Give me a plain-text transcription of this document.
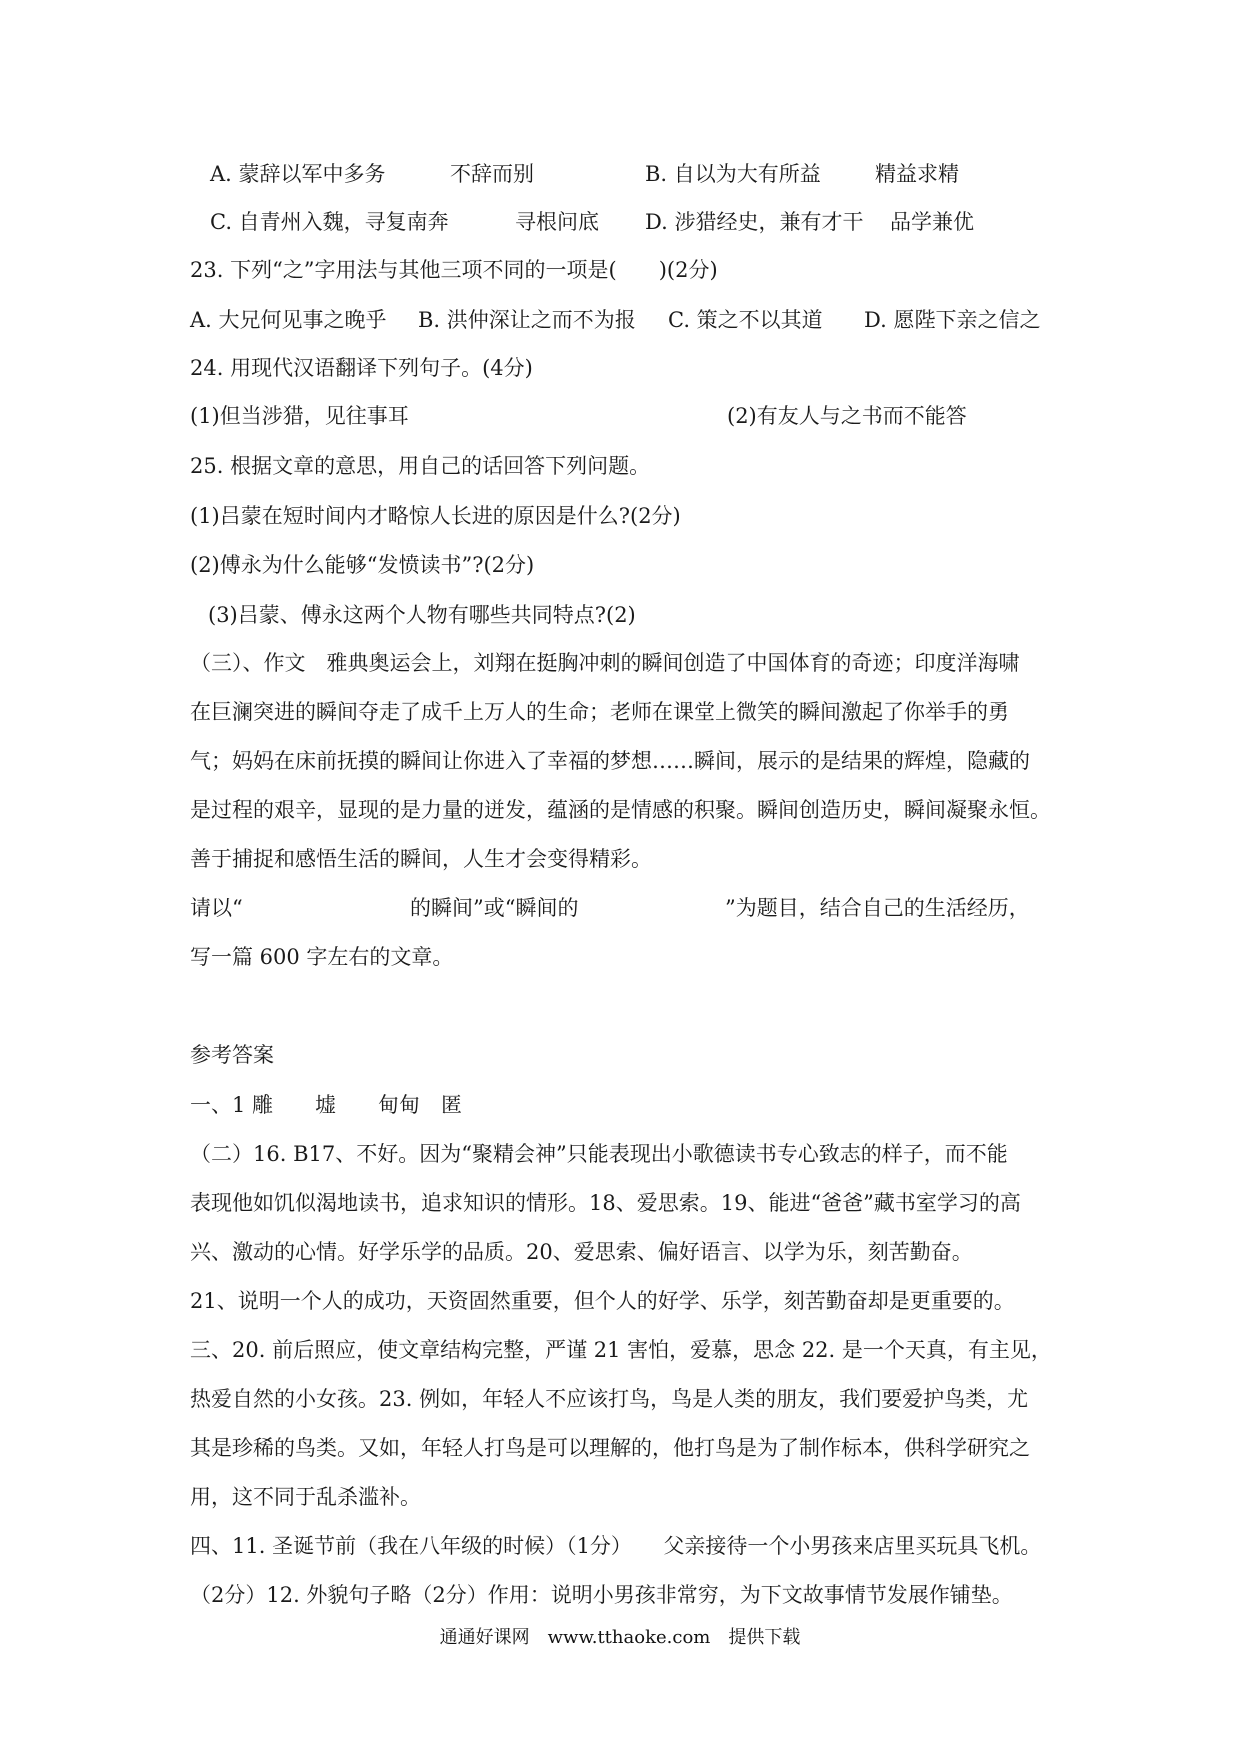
A. 蒙辞以军中多务	不辞而别	B. 自以为大有所益	精益求精
C. 自青州入魏，寻复南奔	寻根问底 D. 涉猎经史，兼有才干 品学兼优
23. 下列“之”字用法与其他三项不同的一项是(　　)(2分)
A. 大兄何见事之晚乎 B. 洪仲深让之而不为报 C. 策之不以其道 D. 愿陛下亲之信之
24. 用现代汉语翻译下列句子。(4分)
(1)但当涉猎，见往事耳	(2)有友人与之书而不能答
25. 根据文章的意思，用自己的话回答下列问题。
(1)吕蒙在短时间内才略惊人长进的原因是什么?(2分)
(2)傅永为什么能够“发愤读书”?(2分)
(3)吕蒙、傅永这两个人物有哪些共同特点?(2)
（三）、作文　雅典奥运会上，刘翔在挺胸冲刺的瞬间创造了中国体育的奇迹；印度洋海啸
在巨澜突进的瞬间夺走了成千上万人的生命；老师在课堂上微笑的瞬间激起了你举手的勇
气；妈妈在床前抚摸的瞬间让你进入了幸福的梦想……瞬间，展示的是结果的辉煌，隐藏的
是过程的艰辛，显现的是力量的迸发，蕴涵的是情感的积聚。瞬间创造历史，瞬间凝聚永恒。
善于捕捉和感悟生活的瞬间，人生才会变得精彩。
请以“	的瞬间”或“瞬间的	”为题目，结合自己的生活经历，
写一篇 600 字左右的文章。
参考答案
一、1 雕　　墟　　甸甸　匿
（二）16. B17、不好。因为“聚精会神”只能表现出小歌德读书专心致志的样子，而不能
表现他如饥似渴地读书，追求知识的情形。18、爱思索。19、能进“爸爸”藏书室学习的高
兴、激动的心情。好学乐学的品质。20、爱思索、偏好语言、以学为乐，刻苦勤奋。
21、说明一个人的成功，天资固然重要，但个人的好学、乐学，刻苦勤奋却是更重要的。
三、20. 前后照应，使文章结构完整，严谨 21 害怕，爱慕，思念 22. 是一个天真，有主见，
热爱自然的小女孩。23. 例如，年轻人不应该打鸟，鸟是人类的朋友，我们要爱护鸟类，尤
其是珍稀的鸟类。又如，年轻人打鸟是可以理解的，他打鸟是为了制作标本，供科学研究之
用，这不同于乱杀滥补。
四、11. 圣诞节前（我在八年级的时候）（1分）　　父亲接待一个小男孩来店里买玩具飞机。
（2分）12. 外貌句子略（2分）作用：说明小男孩非常穷，为下文故事情节发展作铺垫。
通通好课网　www.tthaoke.com　提供下载
